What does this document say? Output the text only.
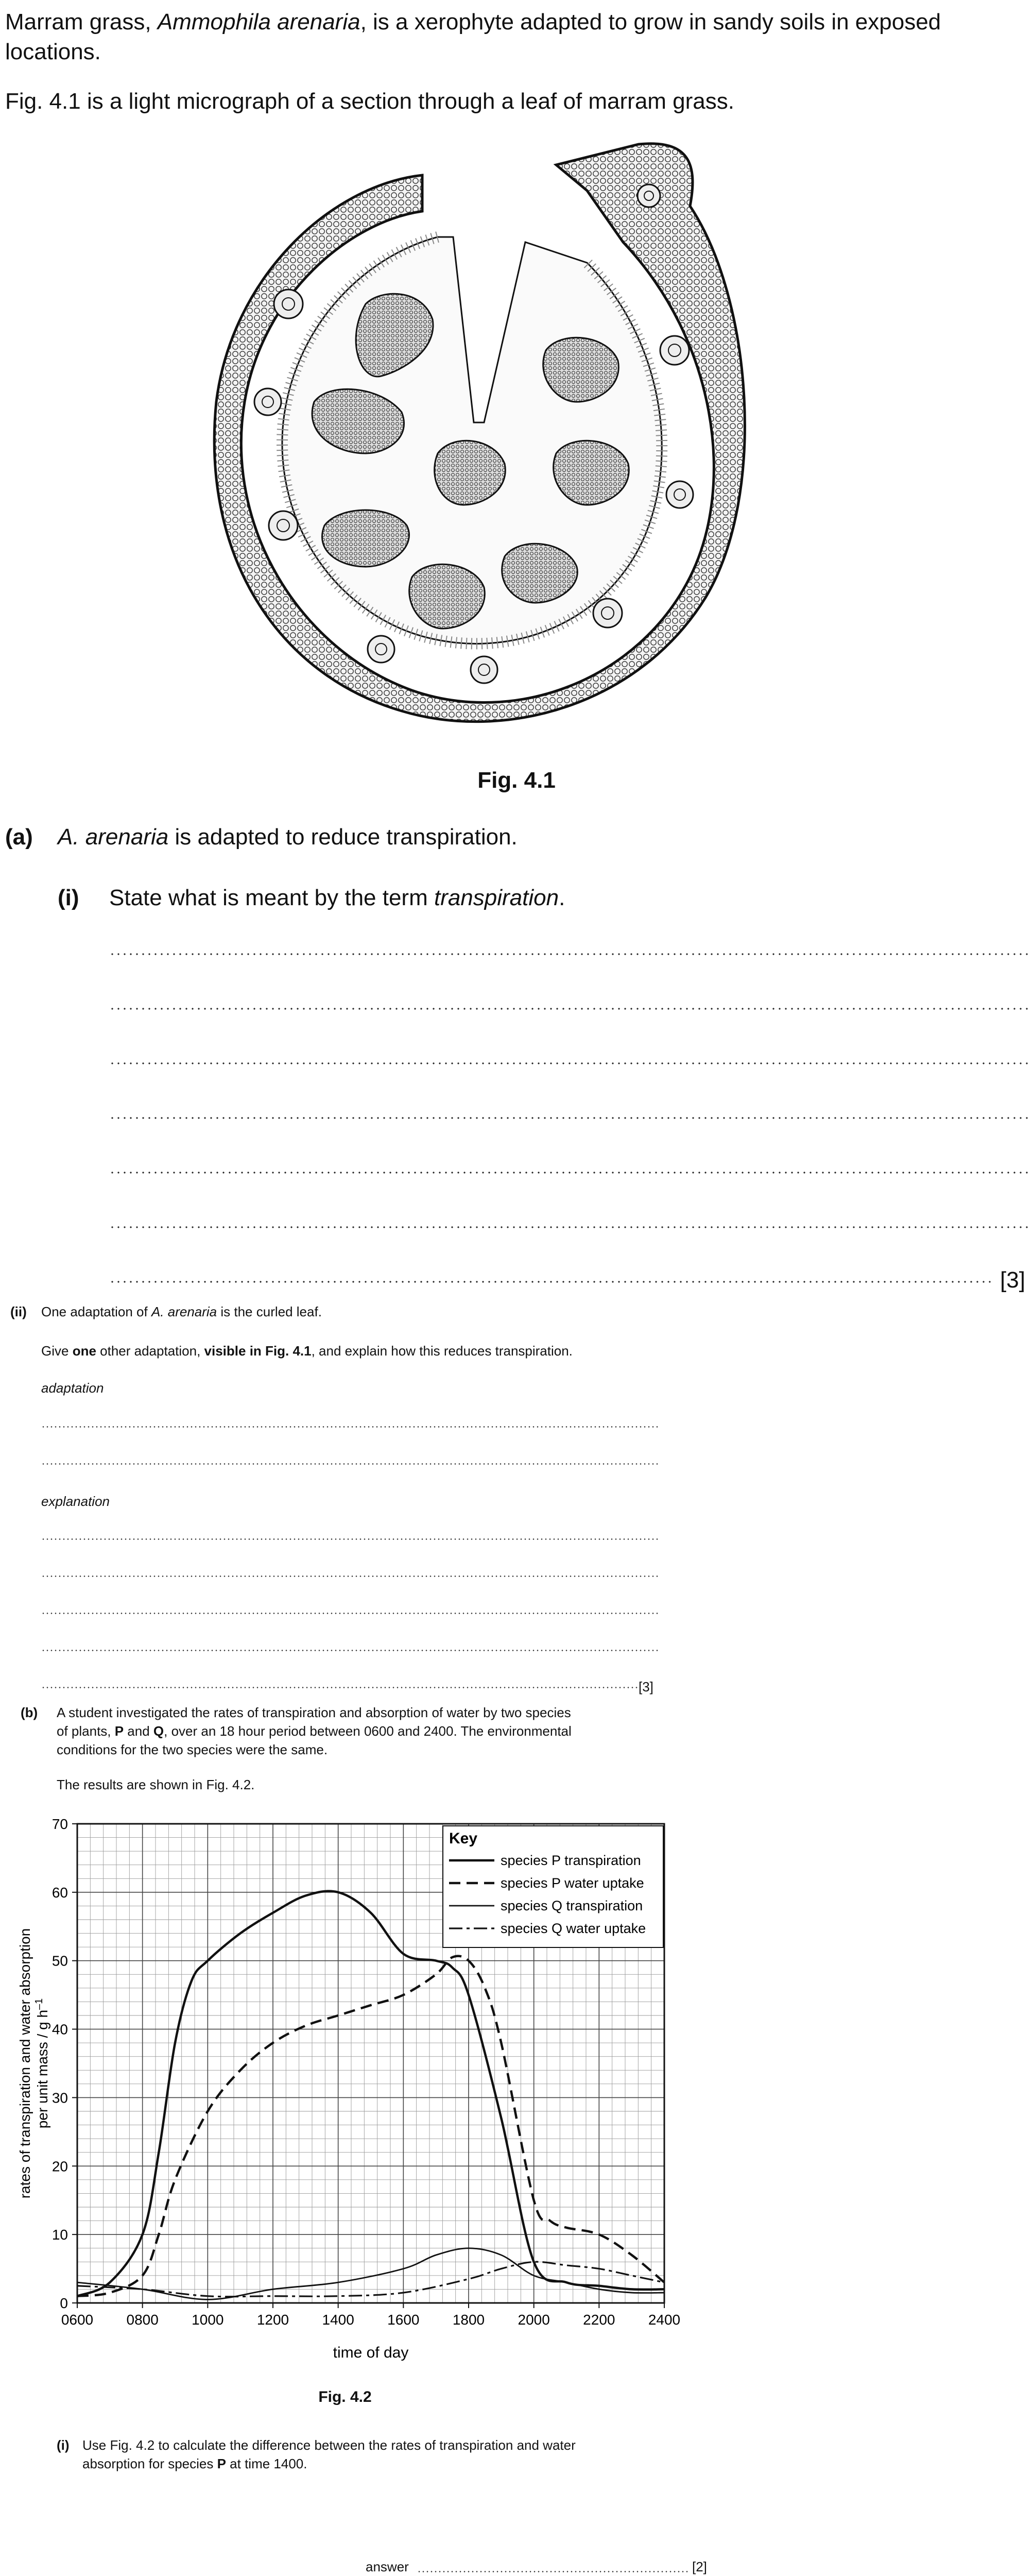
Marram grass, Ammophila arenaria, is a xerophyte adapted to grow in sandy soils in exposed
locations.
Fig. 4.1 is a light micrograph of a section through a leaf of marram grass.
Fig. 4.1
(a) A. arenaria is adapted to reduce transpiration.
(i) State what is meant by the term transpiration.
[3]
(ii) One adaptation of A. arenaria is the curled leaf.
Give one other adaptation, visible in Fig. 4.1, and explain how this reduces transpiration.
adaptation
explanation
[3]
(b) A student investigated the rates of transpiration and absorption of water by two species
of plants, P and Q, over an 18 hour period between 0600 and 2400. The environmental
conditions for the two species were the same.
The results are shown in Fig. 4.2.
0600 0800 1000 1200 1400 1600 1800 2000 2200 2400
0
10
20
30
40
50
60
70
time of day
rates of transpiration and water absorption per unit mass / g $h^{-1}$
Key
species P transpiration
species P water uptake
species Q transpiration
species Q water uptake
Fig. 4.2
(i) Use Fig. 4.2 to calculate the difference between the rates of transpiration and water
absorption for species P at time 1400.
answer	[2]
